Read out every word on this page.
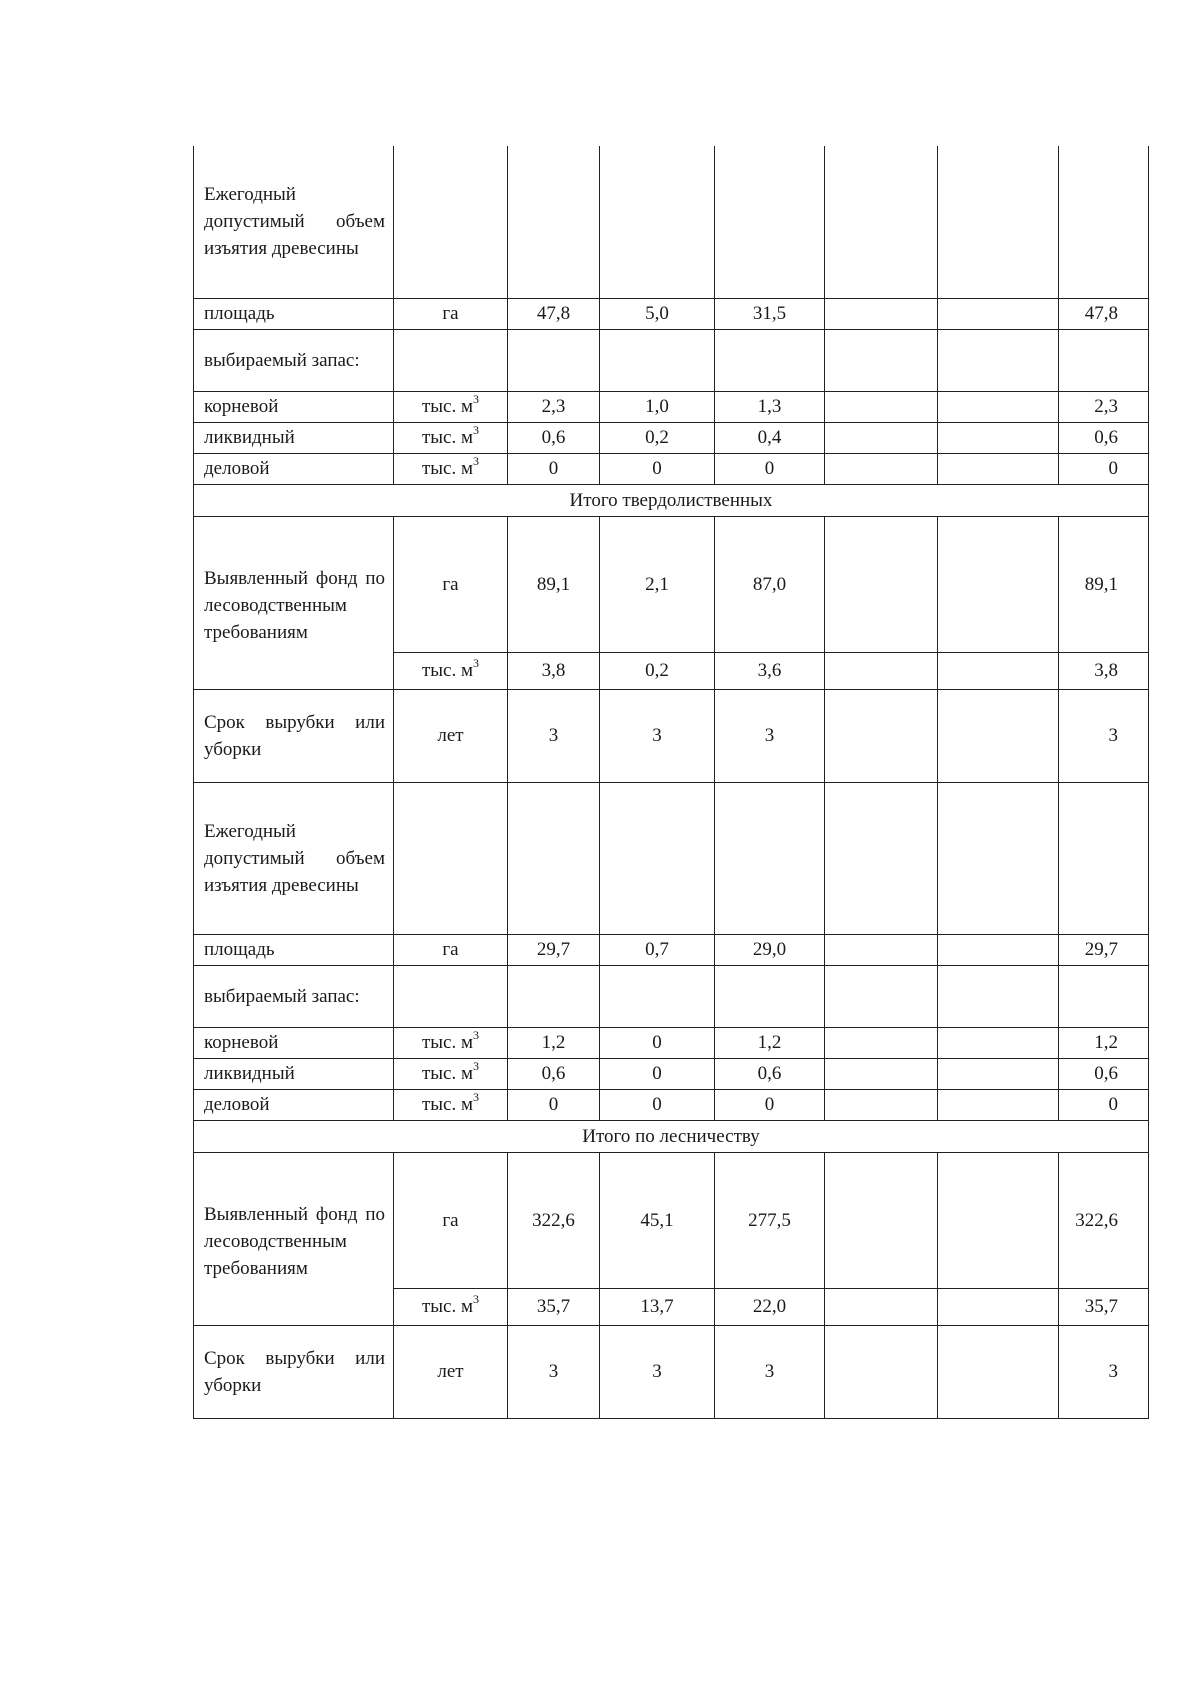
Ежегодный допустимый объем изъятия древесины							

площадь	га	47,8	5,0	31,5			47,8
выбираемый запас:							
корневой	тыс. $м^3$	2,3	1,0	1,3			2,3
ликвидный	тыс. $м^3$	0,6	0,2	0,4			0,6
деловой	тыс. $м^3$	0	0	0			0
Итого твердолиственных							

Выявленный фонд по лесоводственным требованиям	га	89,1	2,1	87,0			89,1
	тыс. $м^3$	3,8	0,2	3,6			3,8

Срок вырубки или уборки	лет	3	3	3			3

Ежегодный допустимый объем изъятия древесины							

площадь	га	29,7	0,7	29,0			29,7
выбираемый запас:							
корневой	тыс. $м^3$	1,2	0	1,2			1,2
ликвидный	тыс. $м^3$	0,6	0	0,6			0,6
деловой	тыс. $м^3$	0	0	0			0
Итого по лесничеству							

Выявленный фонд по лесоводственным требованиям	га	322,6	45,1	277,5			322,6
	тыс. $м^3$	35,7	13,7	22,0			35,7

Срок вырубки или уборки	лет	3	3	3			3
